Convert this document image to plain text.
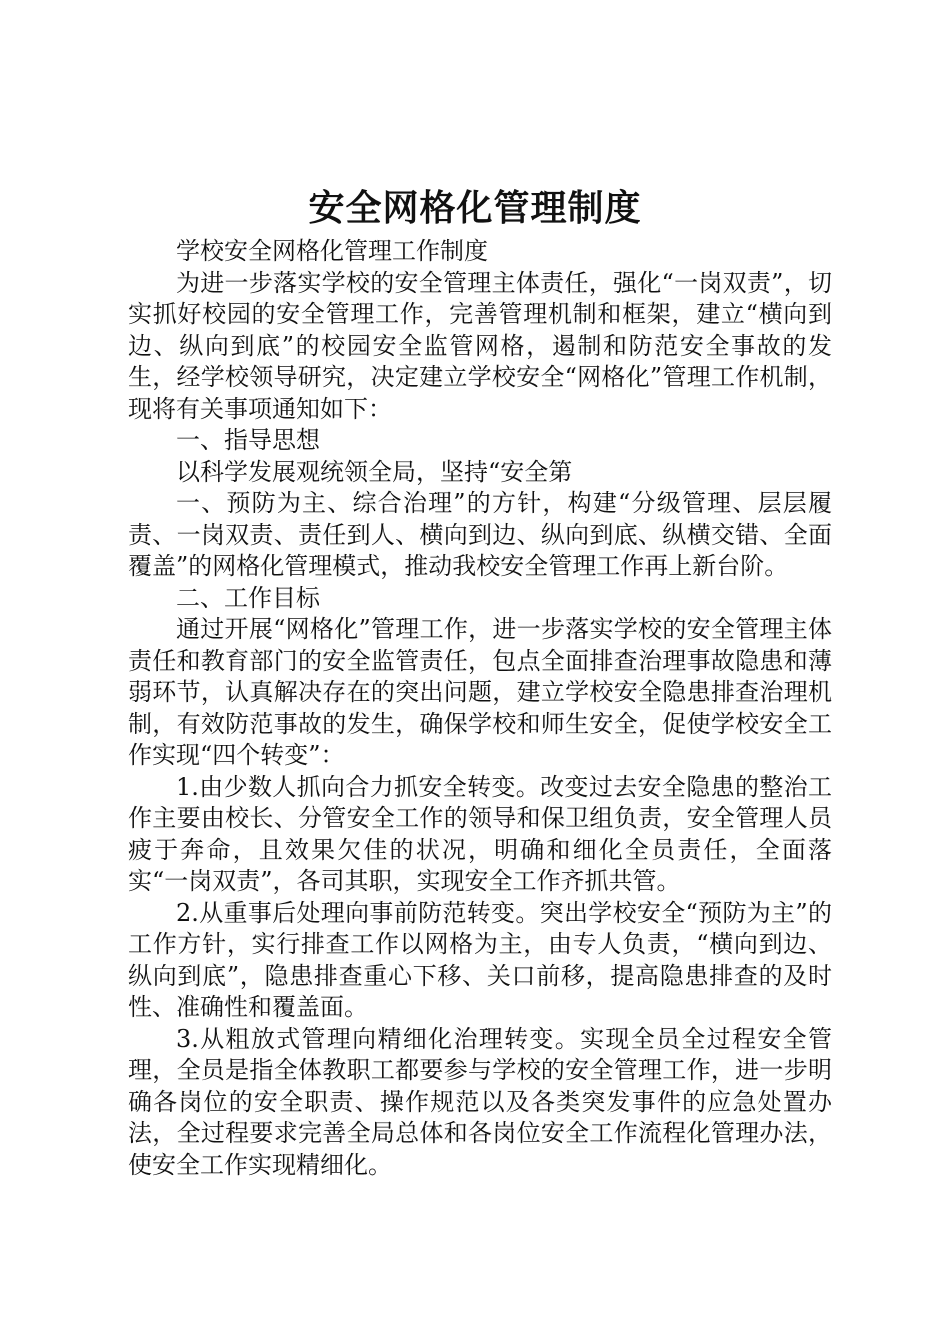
安全网格化管理制度

学校安全网格化管理工作制度

为进一步落实学校的安全管理主体责任，强化“一岗双责”，切实抓好校园的安全管理工作，完善管理机制和框架，建立“横向到边、纵向到底”的校园安全监管网格，遏制和防范安全事故的发生，经学校领导研究，决定建立学校安全“网格化”管理工作机制，现将有关事项通知如下：

一、指导思想

以科学发展观统领全局，坚持“安全第

一、预防为主、综合治理”的方针，构建“分级管理、层层履责、一岗双责、责任到人、横向到边、纵向到底、纵横交错、全面覆盖”的网格化管理模式，推动我校安全管理工作再上新台阶。

二、工作目标

通过开展“网格化”管理工作，进一步落实学校的安全管理主体责任和教育部门的安全监管责任，包点全面排查治理事故隐患和薄弱环节，认真解决存在的突出问题，建立学校安全隐患排查治理机制，有效防范事故的发生，确保学校和师生安全，促使学校安全工作实现“四个转变”：

1.由少数人抓向合力抓安全转变。改变过去安全隐患的整治工作主要由校长、分管安全工作的领导和保卫组负责，安全管理人员疲于奔命，且效果欠佳的状况，明确和细化全员责任，全面落实“一岗双责”，各司其职，实现安全工作齐抓共管。

2.从重事后处理向事前防范转变。突出学校安全“预防为主”的工作方针，实行排查工作以网格为主，由专人负责，“横向到边、纵向到底”，隐患排查重心下移、关口前移，提高隐患排查的及时性、准确性和覆盖面。

3.从粗放式管理向精细化治理转变。实现全员全过程安全管理，全员是指全体教职工都要参与学校的安全管理工作，进一步明确各岗位的安全职责、操作规范以及各类突发事件的应急处置办法，全过程要求完善全局总体和各岗位安全工作流程化管理办法，使安全工作实现精细化。
